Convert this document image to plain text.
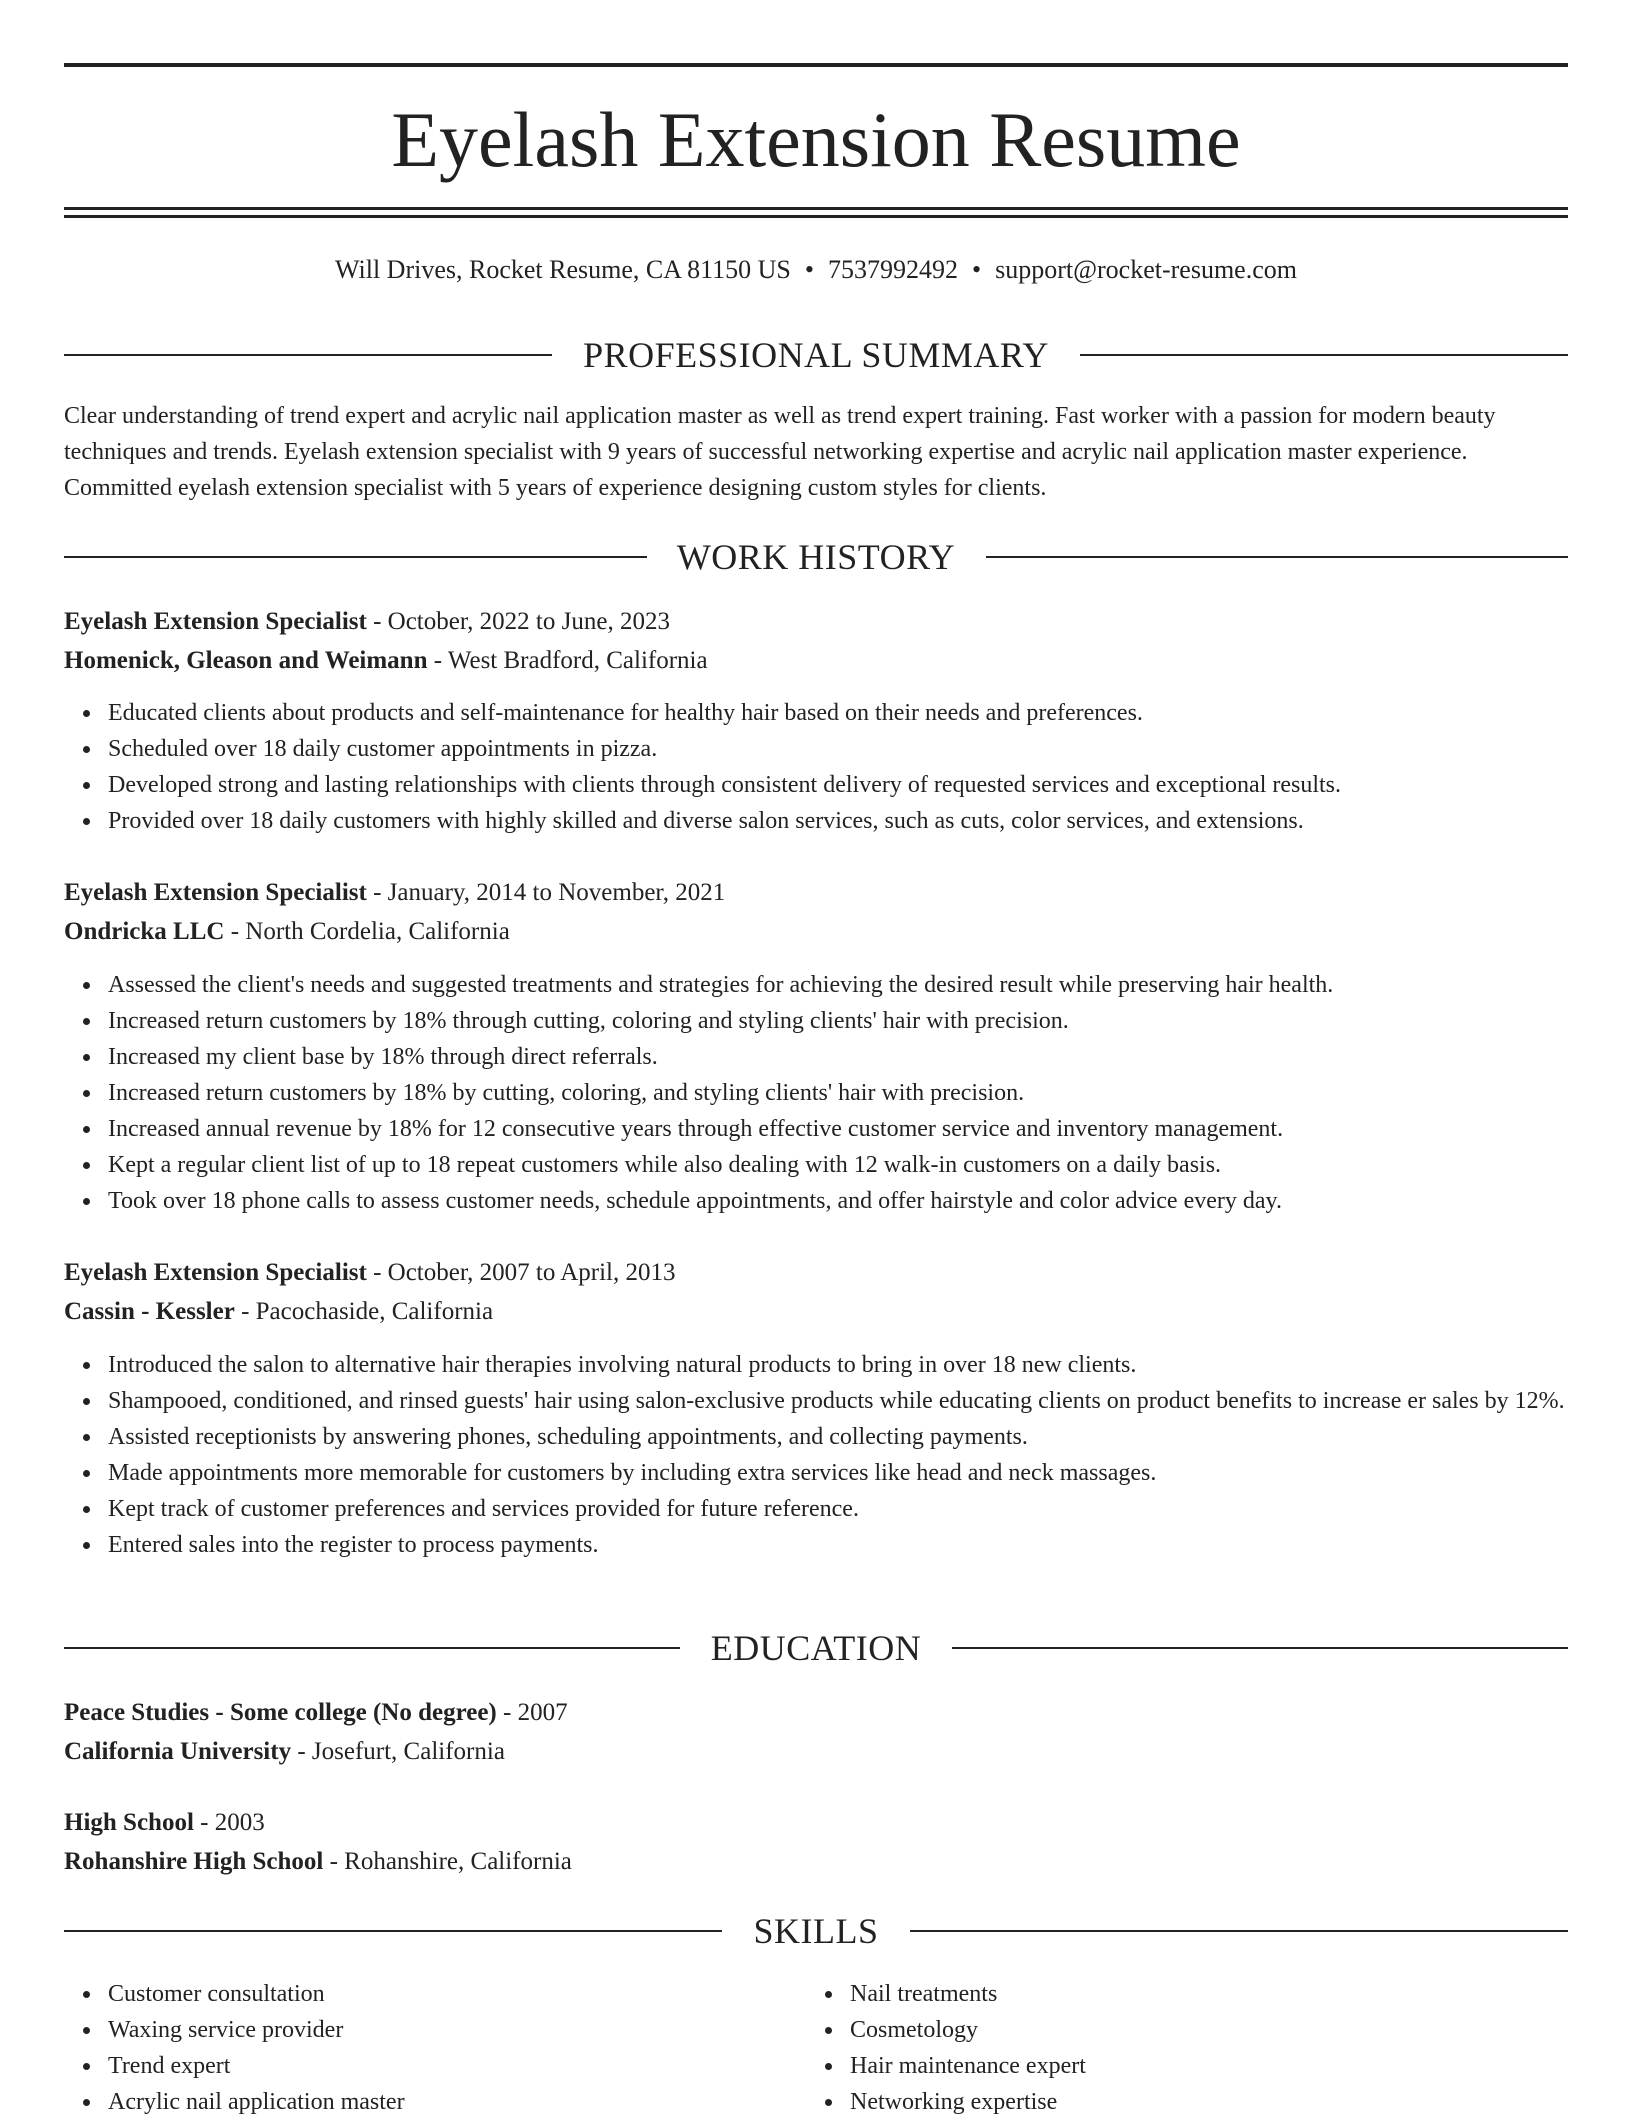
Eyelash Extension Resume
Will Drives, Rocket Resume, CA 81150 US • 7537992492 • support@rocket-resume.com
PROFESSIONAL SUMMARY

Clear understanding of trend expert and acrylic nail application master as well as trend expert training. Fast worker with a passion for modern beauty techniques and trends. Eyelash extension specialist with 9 years of successful networking expertise and acrylic nail application master experience. Committed eyelash extension specialist with 5 years of experience designing custom styles for clients.

WORK HISTORY
Eyelash Extension Specialist - October, 2022 to June, 2023
Homenick, Gleason and Weimann - West Bradford, California
Educated clients about products and self-maintenance for healthy hair based on their needs and preferences.
Scheduled over 18 daily customer appointments in pizza.
Developed strong and lasting relationships with clients through consistent delivery of requested services and exceptional results.
Provided over 18 daily customers with highly skilled and diverse salon services, such as cuts, color services, and extensions.
Eyelash Extension Specialist - January, 2014 to November, 2021
Ondricka LLC - North Cordelia, California
Assessed the client's needs and suggested treatments and strategies for achieving the desired result while preserving hair health.
Increased return customers by 18% through cutting, coloring and styling clients' hair with precision.
Increased my client base by 18% through direct referrals.
Increased return customers by 18% by cutting, coloring, and styling clients' hair with precision.
Increased annual revenue by 18% for 12 consecutive years through effective customer service and inventory management.
Kept a regular client list of up to 18 repeat customers while also dealing with 12 walk-in customers on a daily basis.
Took over 18 phone calls to assess customer needs, schedule appointments, and offer hairstyle and color advice every day.
Eyelash Extension Specialist - October, 2007 to April, 2013
Cassin - Kessler - Pacochaside, California
Introduced the salon to alternative hair therapies involving natural products to bring in over 18 new clients.
Shampooed, conditioned, and rinsed guests' hair using salon-exclusive products while educating clients on product benefits to increase er sales by 12%.
Assisted receptionists by answering phones, scheduling appointments, and collecting payments.
Made appointments more memorable for customers by including extra services like head and neck massages.
Kept track of customer preferences and services provided for future reference.
Entered sales into the register to process payments.
EDUCATION
Peace Studies - Some college (No degree) - 2007
California University - Josefurt, California
High School - 2003
Rohanshire High School - Rohanshire, California
SKILLS
Customer consultation
Waxing service provider
Trend expert
Acrylic nail application master
Nail treatments
Cosmetology
Hair maintenance expert
Networking expertise
